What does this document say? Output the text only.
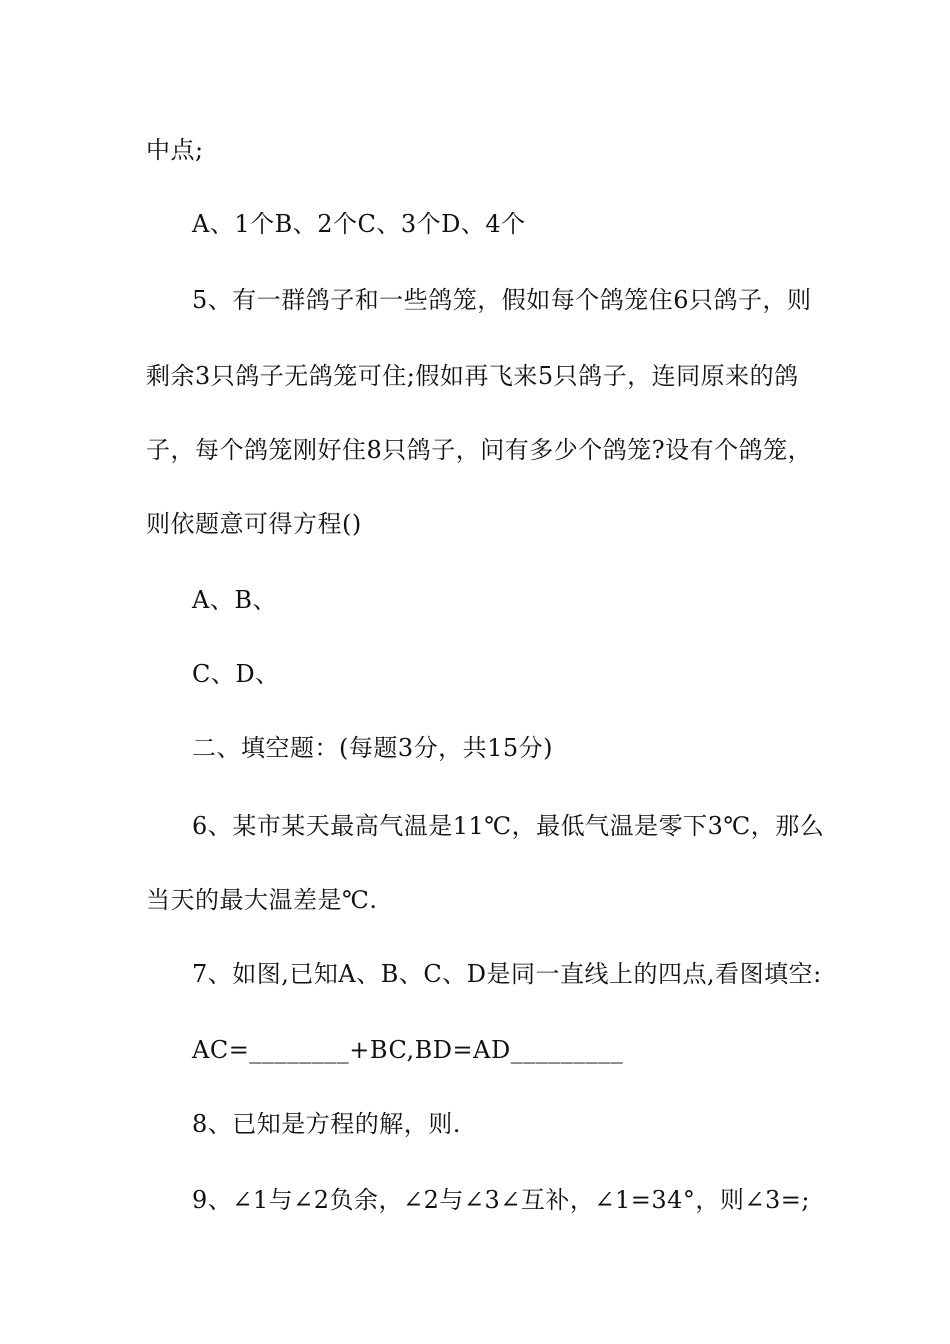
中点;
A、1个B、2个C、3个D、4个
5、有一群鸽子和一些鸽笼，假如每个鸽笼住6只鸽子，则
剩余3只鸽子无鸽笼可住;假如再飞来5只鸽子，连同原来的鸽
子，每个鸽笼刚好住8只鸽子，问有多少个鸽笼?设有个鸽笼，
则依题意可得方程()
A、B、
C、D、
二、填空题：(每题3分，共15分)
6、某市某天最高气温是11℃，最低气温是零下3℃，那么
当天的最大温差是℃.
7、如图,已知A、B、C、D是同一直线上的四点,看图填空:
AC=________+BC,BD=AD_________
8、已知是方程的解，则.
9、∠1与∠2负余，∠2与∠3∠互补，∠1=34°，则∠3=;
